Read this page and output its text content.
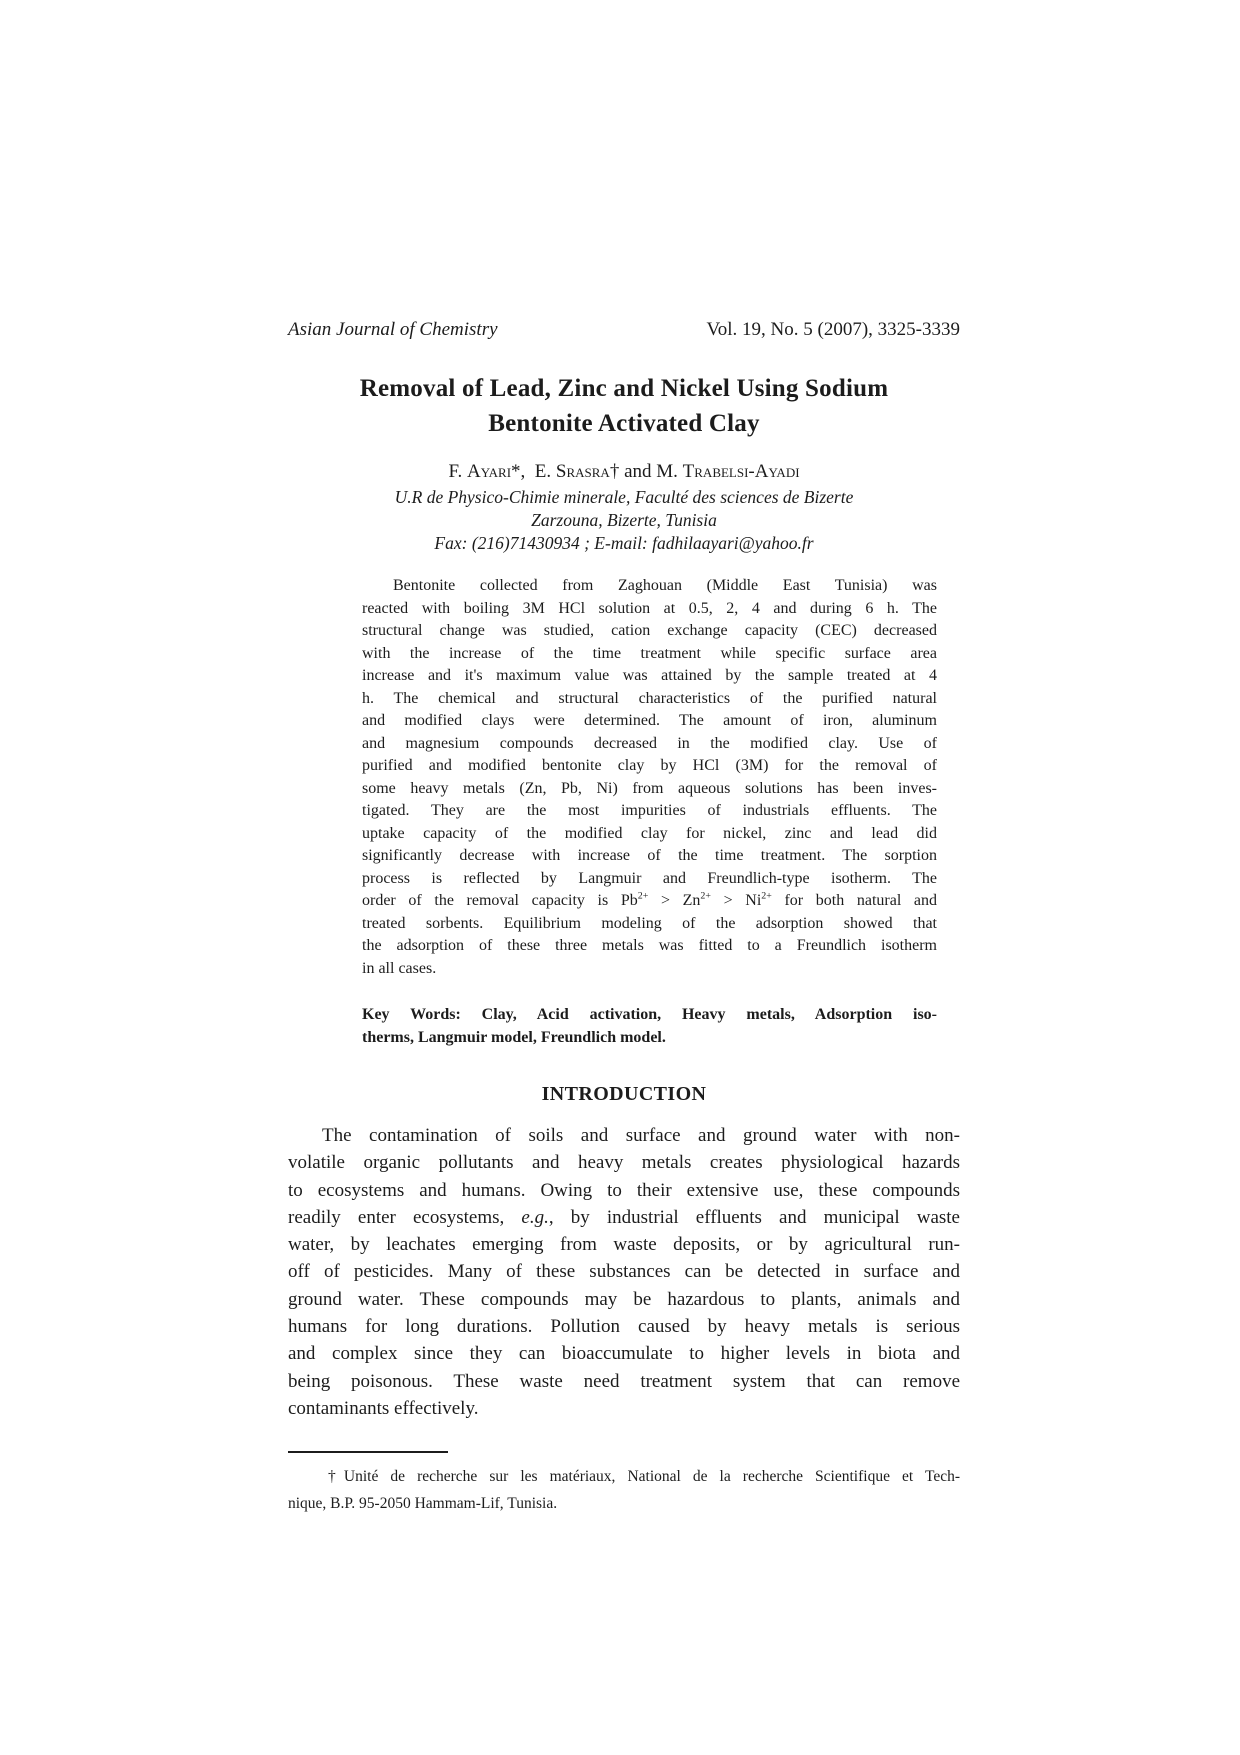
Asian Journal of Chemistry	Vol. 19, No. 5 (2007), 3325-3339
Removal of Lead, Zinc and Nickel Using Sodium
Bentonite Activated Clay
F. Ayari*,  E. Srasra† and M. Trabelsi-Ayadi
U.R de Physico-Chimie minerale, Faculté des sciences de Bizerte
Zarzouna, Bizerte, Tunisia
Fax: (216)71430934 ; E-mail: fadhilaayari@yahoo.fr
Bentonite collected from Zaghouan (Middle East Tunisia) was
reacted with boiling 3M HCl solution at 0.5, 2, 4 and during 6 h. The
structural change was studied, cation exchange capacity (CEC) decreased
with the increase of the time treatment while specific surface area
increase and it's maximum value was attained by the sample treated at 4
h. The chemical and structural characteristics of the purified natural
and modified clays were determined. The amount of iron, aluminum
and magnesium compounds decreased in the modified clay. Use of
purified and modified bentonite clay by HCl (3M) for the removal of
some heavy metals (Zn, Pb, Ni) from aqueous solutions has been inves-
tigated. They are the most impurities of industrials effluents. The
uptake capacity of the modified clay for nickel, zinc and lead did
significantly decrease with increase of the time treatment. The sorption
process is reflected by Langmuir and Freundlich-type isotherm. The
order of the removal capacity is $Pb^{2+} > Zn^{2+} > Ni^{2+}$ for both natural and
treated sorbents. Equilibrium modeling of the adsorption showed that
the adsorption of these three metals was fitted to a Freundlich isotherm
in all cases.
Key Words: Clay, Acid activation, Heavy metals, Adsorption iso-
therms, Langmuir model, Freundlich model.
INTRODUCTION
The contamination of soils and surface and ground water with non-
volatile organic pollutants and heavy metals creates physiological hazards
to ecosystems and humans. Owing to their extensive use, these compounds
readily enter ecosystems, e.g., by industrial effluents and municipal waste
water, by leachates emerging from waste deposits, or by agricultural run-
off of pesticides. Many of these substances can be detected in surface and
ground water. These compounds may be hazardous to plants, animals and
humans for long durations. Pollution caused by heavy metals is serious
and complex since they can bioaccumulate to higher levels in biota and
being poisonous. These waste need treatment system that can remove
contaminants effectively.
†Unité de recherche sur les matériaux, National de la recherche Scientifique et Tech-
nique, B.P. 95-2050 Hammam-Lif, Tunisia.
